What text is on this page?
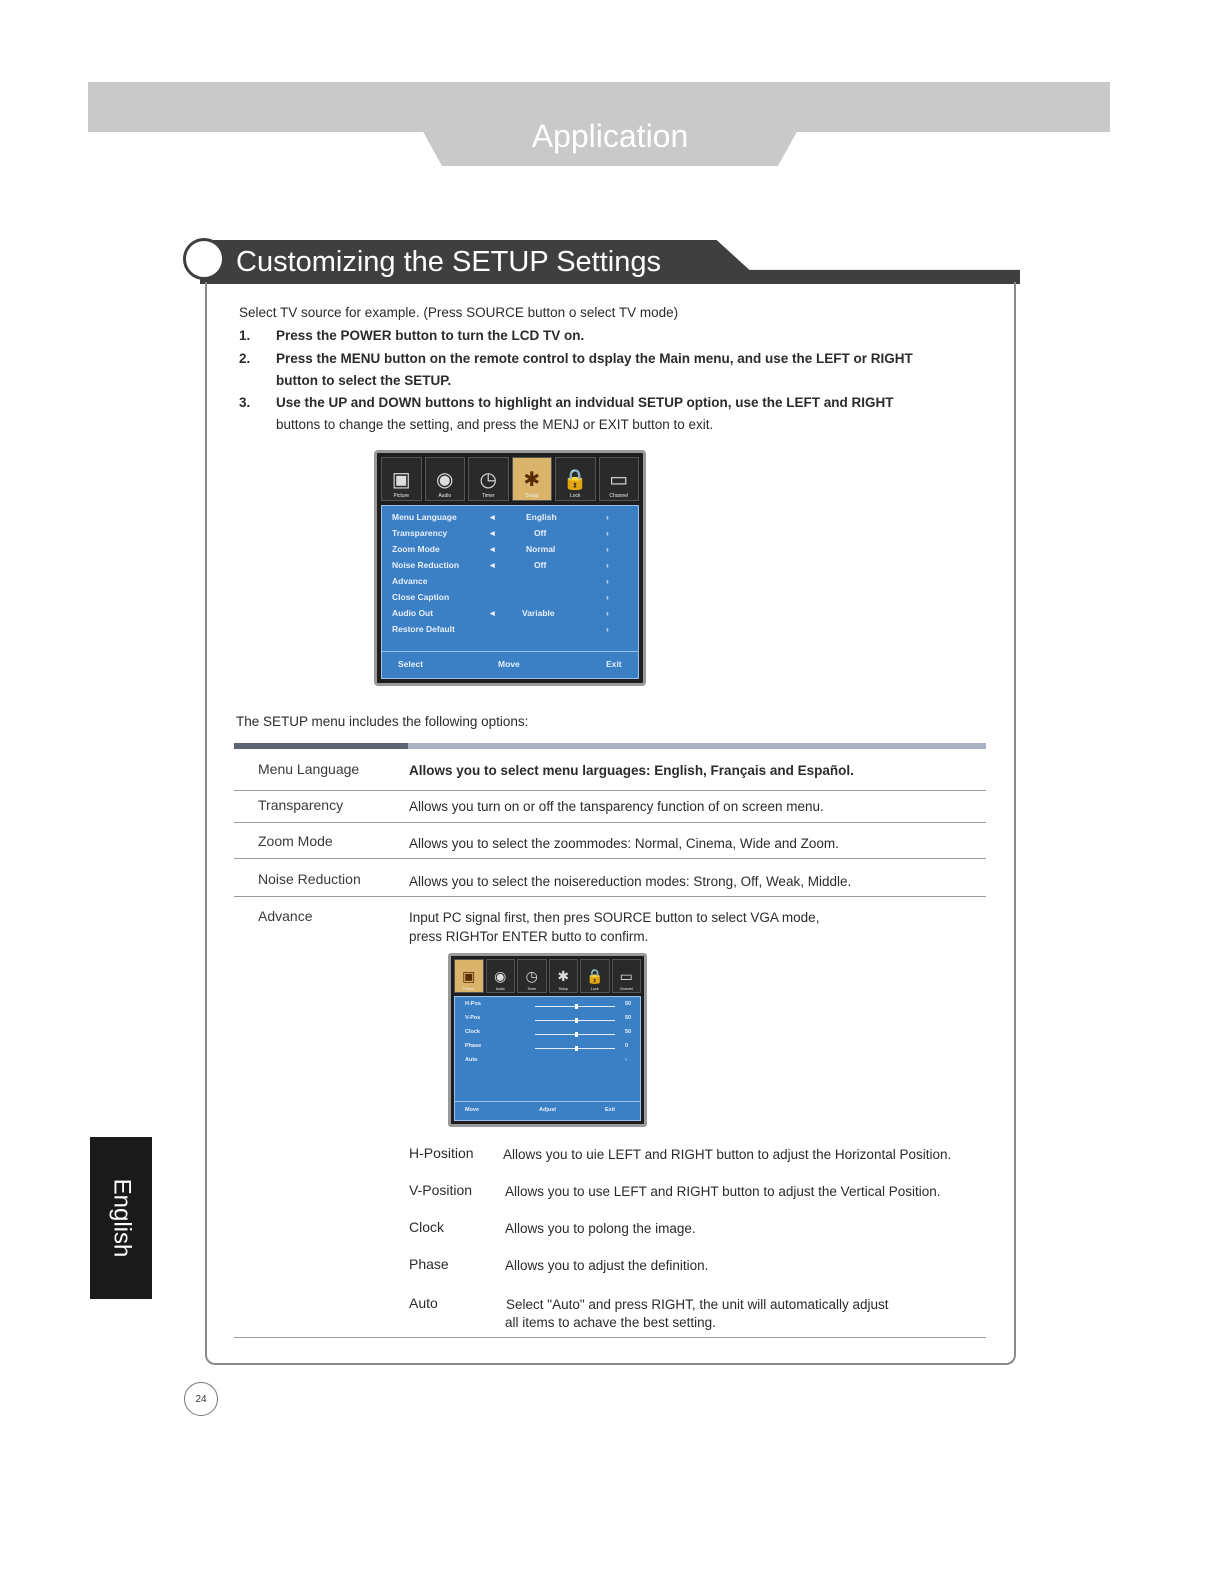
Application
Customizing the SETUP Settings
Select TV source for example. (Press SOURCE button o select TV mode)
1. Press the POWER button to turn the LCD TV on.
2. Press the MENU button on the remote control to dsplay the Main menu, and use the LEFT or RIGHT
button to select the SETUP.
3. Use the UP and DOWN buttons to highlight an indvidual SETUP option, use the LEFT and RIGHT
buttons to change the setting, and press the MENJ or EXIT button to exit.
▣
Picture
◉
Audio
◷
Timer
✱
Setup
🔒
Lock
▭
Channel
Menu Language	◄	English	›
Transparency	◄	Off	›
Zoom Mode	◄	Normal	›
Noise Reduction	◄	Off	›
Advance	›
Close Caption	›
Audio Out	◄	Variable	›
Restore Default	›
Select	Move	Exit
The SETUP menu includes the following options:
Menu Language	Allows you to select menu larguages: English, Français and Español.
Transparency	Allows you turn on or off the tansparency function of on screen menu.
Zoom Mode	Allows you to select the zoommodes: Normal, Cinema, Wide and Zoom.
Noise Reduction	Allows you to select the noisereduction modes: Strong, Off, Weak, Middle.
Advance	Input PC signal first, then pres SOURCE button to select VGA mode,
press RIGHTor ENTER butto to confirm.
▣
Picture
◉
Audio
◷
Timer
✱
Setup
🔒
Lock
▭
Channel
H-Pos	50
V-Pos	50
Clock	50
Phase	0
Auto	›
Move	Adjust	Exit
H-Position Allows you to uie LEFT and RIGHT button to adjust the Horizontal Position.
V-Position Allows you to use LEFT and RIGHT button to adjust the Vertical Position.
Clock	Allows you to polong the image.
Phase	Allows you to adjust the definition.
Auto	Select "Auto" and press RIGHT, the unit will automatically adjust
all items to achave the best setting.
English
24
